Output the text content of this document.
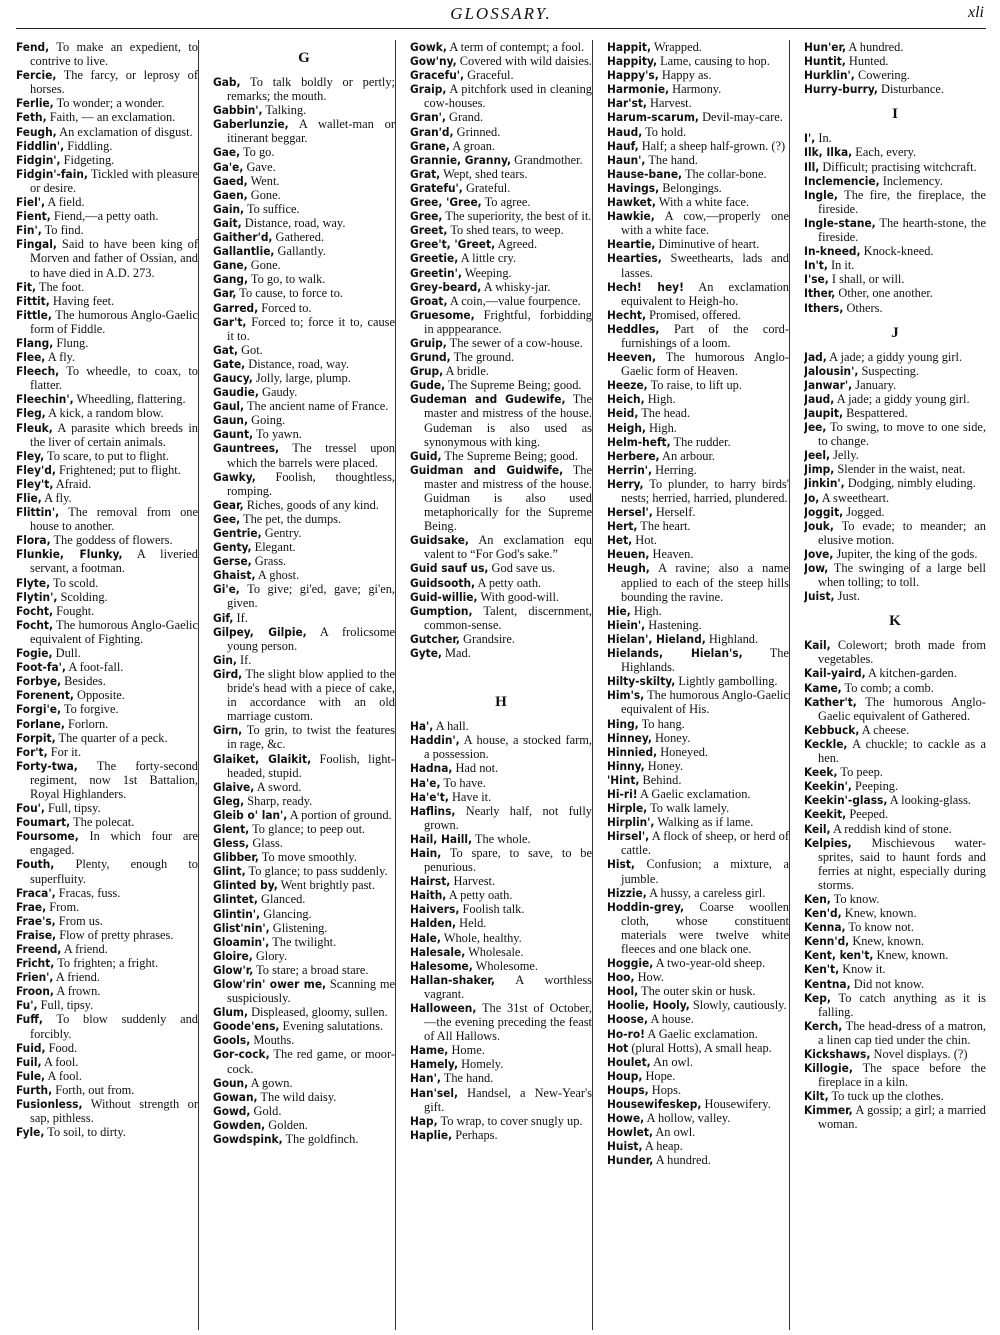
GLOSSARY.	xli

Fend, To make an expedient, to contrive to live.

Fercie, The farcy, or leprosy of horses.

Ferlie, To wonder; a wonder.

Feth, Faith, — an exclamation.

Feugh, An exclamation of disgust.

Fiddlin', Fiddling.

Fidgin', Fidgeting.

Fidgin'-fain, Tickled with pleasure or desire.

Fiel', A field.

Fient, Fiend,—a petty oath.

Fin', To find.

Fingal, Said to have been king of Morven and father of Ossian, and to have died in A.D. 273.

Fit, The foot.

Fittit, Having feet.

Fittle, The humorous Anglo-Gaelic form of Fiddle.

Flang, Flung.

Flee, A fly.

Fleech, To wheedle, to coax, to flatter.

Fleechin', Wheedling, flattering.

Fleg, A kick, a random blow.

Fleuk, A parasite which breeds in the liver of certain animals.

Fley, To scare, to put to flight.

Fley'd, Frightened; put to flight.

Fley't, Afraid.

Flie, A fly.

Flittin', The removal from one house to another.

Flora, The goddess of flowers.

Flunkie, Flunky, A liveried servant, a footman.

Flyte, To scold.

Flytin', Scolding.

Focht, Fought.

Focht, The humorous Anglo-Gaelic equivalent of Fighting.

Fogie, Dull.

Foot-fa', A foot-fall.

Forbye, Besides.

Forenent, Opposite.

Forgi'e, To forgive.

Forlane, Forlorn.

Forpit, The quarter of a peck.

For't, For it.

Forty-twa, The forty-second regiment, now 1st Battalion, Royal Highlanders.

Fou', Full, tipsy.

Foumart, The polecat.

Foursome, In which four are engaged.

Fouth, Plenty, enough to superfluity.

Fraca', Fracas, fuss.

Frae, From.

Frae's, From us.

Fraise, Flow of pretty phrases.

Freend, A friend.

Fricht, To frighten; a fright.

Frien', A friend.

Froon, A frown.

Fu', Full, tipsy.

Fuff, To blow suddenly and forcibly.

Fuid, Food.

Fuil, A fool.

Fule, A fool.

Furth, Forth, out from.

Fusionless, Without strength or sap, pithless.

Fyle, To soil, to dirty.

G

Gab, To talk boldly or pertly; remarks; the mouth.

Gabbin', Talking.

Gaberlunzie, A wallet-man or itinerant beggar.

Gae, To go.

Ga'e, Gave.

Gaed, Went.

Gaen, Gone.

Gain, To suffice.

Gait, Distance, road, way.

Gaither'd, Gathered.

Gallantlie, Gallantly.

Gane, Gone.

Gang, To go, to walk.

Gar, To cause, to force to.

Garred, Forced to.

Gar't, Forced to; force it to, cause it to.

Gat, Got.

Gate, Distance, road, way.

Gaucy, Jolly, large, plump.

Gaudie, Gaudy.

Gaul, The ancient name of France.

Gaun, Going.

Gaunt, To yawn.

Gauntrees, The tressel upon which the barrels were placed.

Gawky, Foolish, thoughtless, romping.

Gear, Riches, goods of any kind.

Gee, The pet, the dumps.

Gentrie, Gentry.

Genty, Elegant.

Gerse, Grass.

Ghaist, A ghost.

Gi'e, To give; gi'ed, gave; gi'en, given.

Gif, If.

Gilpey, Gilpie, A frolicsome young person.

Gin, If.

Gird, The slight blow applied to the bride's head with a piece of cake, in accordance with an old marriage custom.

Girn, To grin, to twist the features in rage, &c.

Glaiket, Glaikit, Foolish, light-headed, stupid.

Glaive, A sword.

Gleg, Sharp, ready.

Gleib o' lan', A portion of ground.

Glent, To glance; to peep out.

Gless, Glass.

Glibber, To move smoothly.

Glint, To glance; to pass suddenly.

Glinted by, Went brightly past.

Glintet, Glanced.

Glintin', Glancing.

Glist'nin', Glistening.

Gloamin', The twilight.

Gloire, Glory.

Glow'r, To stare; a broad stare.

Glow'rin' ower me, Scanning me suspiciously.

Glum, Displeased, gloomy, sullen.

Goode'ens, Evening salutations.

Gools, Mouths.

Gor-cock, The red game, or moor-cock.

Goun, A gown.

Gowan, The wild daisy.

Gowd, Gold.

Gowden, Golden.

Gowdspink, The goldfinch.

Gowk, A term of contempt; a fool.

Gow'ny, Covered with wild daisies.

Gracefu', Graceful.

Graip, A pitchfork used in cleaning cow-houses.

Gran', Grand.

Gran'd, Grinned.

Grane, A groan.

Grannie, Granny, Grandmother.

Grat, Wept, shed tears.

Gratefu', Grateful.

Gree, 'Gree, To agree.

Gree, The superiority, the best of it.

Greet, To shed tears, to weep.

Gree't, 'Greet, Agreed.

Greetie, A little cry.

Greetin', Weeping.

Grey-beard, A whisky-jar.

Groat, A coin,—value fourpence.

Gruesome, Frightful, forbidding in apppearance.

Gruip, The sewer of a cow-house.

Grund, The ground.

Grup, A bridle.

Gude, The Supreme Being; good.

Gudeman and Gudewife, The master and mistress of the house. Gudeman is also used as synonymous with king.

Guid, The Supreme Being; good.

Guidman and Guidwife, The master and mistress of the house. Guidman is also used metaphorically for the Supreme Being.

Guidsake, An exclamation equ valent to “For God's sake.”

Guid sauf us, God save us.

Guidsooth, A petty oath.

Guid-willie, With good-will.

Gumption, Talent, discernment, common-sense.

Gutcher, Grandsire.

Gyte, Mad.

H

Ha', A hall.

Haddin', A house, a stocked farm, a possession.

Hadna, Had not.

Ha'e, To have.

Ha'e't, Have it.

Haflins, Nearly half, not fully grown.

Hail, Haill, The whole.

Hain, To spare, to save, to be penurious.

Hairst, Harvest.

Haith, A petty oath.

Haivers, Foolish talk.

Halden, Held.

Hale, Whole, healthy.

Halesale, Wholesale.

Halesome, Wholesome.

Hallan-shaker, A worthless vagrant.

Halloween, The 31st of October,—the evening preceding the feast of All Hallows.

Hame, Home.

Hamely, Homely.

Han', The hand.

Han'sel, Handsel, a New-Year's gift.

Hap, To wrap, to cover snugly up.

Haplie, Perhaps.

Happit, Wrapped.

Happity, Lame, causing to hop.

Happy's, Happy as.

Harmonie, Harmony.

Har'st, Harvest.

Harum-scarum, Devil-may-care.

Haud, To hold.

Hauf, Half; a sheep half-grown. (?)

Haun', The hand.

Hause-bane, The collar-bone.

Havings, Belongings.

Hawket, With a white face.

Hawkie, A cow,—properly one with a white face.

Heartie, Diminutive of heart.

Hearties, Sweethearts, lads and lasses.

Hech! hey! An exclamation equivalent to Heigh-ho.

Hecht, Promised, offered.

Heddles, Part of the cord-furnishings of a loom.

Heeven, The humorous Anglo-Gaelic form of Heaven.

Heeze, To raise, to lift up.

Heich, High.

Heid, The head.

Heigh, High.

Helm-heft, The rudder.

Herbere, An arbour.

Herrin', Herring.

Herry, To plunder, to harry birds' nests; herried, harried, plundered.

Hersel', Herself.

Hert, The heart.

Het, Hot.

Heuen, Heaven.

Heugh, A ravine; also a name applied to each of the steep hills bounding the ravine.

Hie, High.

Hiein', Hastening.

Hielan', Hieland, Highland.

Hielands, Hielan's, The Highlands.

Hilty-skilty, Lightly gambolling.

Him's, The humorous Anglo-Gaelic equivalent of His.

Hing, To hang.

Hinney, Honey.

Hinnied, Honeyed.

Hinny, Honey.

'Hint, Behind.

Hi-ri! A Gaelic exclamation.

Hirple, To walk lamely.

Hirplin', Walking as if lame.

Hirsel', A flock of sheep, or herd of cattle.

Hist, Confusion; a mixture, a jumble.

Hizzie, A hussy, a careless girl.

Hoddin-grey, Coarse woollen cloth, whose constituent materials were twelve white fleeces and one black one.

Hoggie, A two-year-old sheep.

Hoo, How.

Hool, The outer skin or husk.

Hoolie, Hooly, Slowly, cautiously.

Hoose, A house.

Ho-ro! A Gaelic exclamation.

Hot (plural Hotts), A small heap.

Houlet, An owl.

Houp, Hope.

Houps, Hops.

Housewifeskep, Housewifery.

Howe, A hollow, valley.

Howlet, An owl.

Huist, A heap.

Hunder, A hundred.

Hun'er, A hundred.

Huntit, Hunted.

Hurklin', Cowering.

Hurry-burry, Disturbance.

I

I', In.

Ilk, Ilka, Each, every.

Ill, Difficult; practising witchcraft.

Inclemencie, Inclemency.

Ingle, The fire, the fireplace, the fireside.

Ingle-stane, The hearth-stone, the fireside.

In-kneed, Knock-kneed.

In't, In it.

I'se, I shall, or will.

Ither, Other, one another.

Ithers, Others.

J

Jad, A jade; a giddy young girl.

Jalousin', Suspecting.

Janwar', January.

Jaud, A jade; a giddy young girl.

Jaupit, Bespattered.

Jee, To swing, to move to one side, to change.

Jeel, Jelly.

Jimp, Slender in the waist, neat.

Jinkin', Dodging, nimbly eluding.

Jo, A sweetheart.

Joggit, Jogged.

Jouk, To evade; to meander; an elusive motion.

Jove, Jupiter, the king of the gods.

Jow, The swinging of a large bell when tolling; to toll.

Juist, Just.

K

Kail, Colewort; broth made from vegetables.

Kail-yaird, A kitchen-garden.

Kame, To comb; a comb.

Kather't, The humorous Anglo-Gaelic equivalent of Gathered.

Kebbuck, A cheese.

Keckle, A chuckle; to cackle as a hen.

Keek, To peep.

Keekin', Peeping.

Keekin'-glass, A looking-glass.

Keekit, Peeped.

Keil, A reddish kind of stone.

Kelpies, Mischievous water-sprites, said to haunt fords and ferries at night, especially during storms.

Ken, To know.

Ken'd, Knew, known.

Kenna, To know not.

Kenn'd, Knew, known.

Kent, ken't, Knew, known.

Ken't, Know it.

Kentna, Did not know.

Kep, To catch anything as it is falling.

Kerch, The head-dress of a matron, a linen cap tied under the chin.

Kickshaws, Novel displays. (?)

Killogie, The space before the fireplace in a kiln.

Kilt, To tuck up the clothes.

Kimmer, A gossip; a girl; a married woman.
